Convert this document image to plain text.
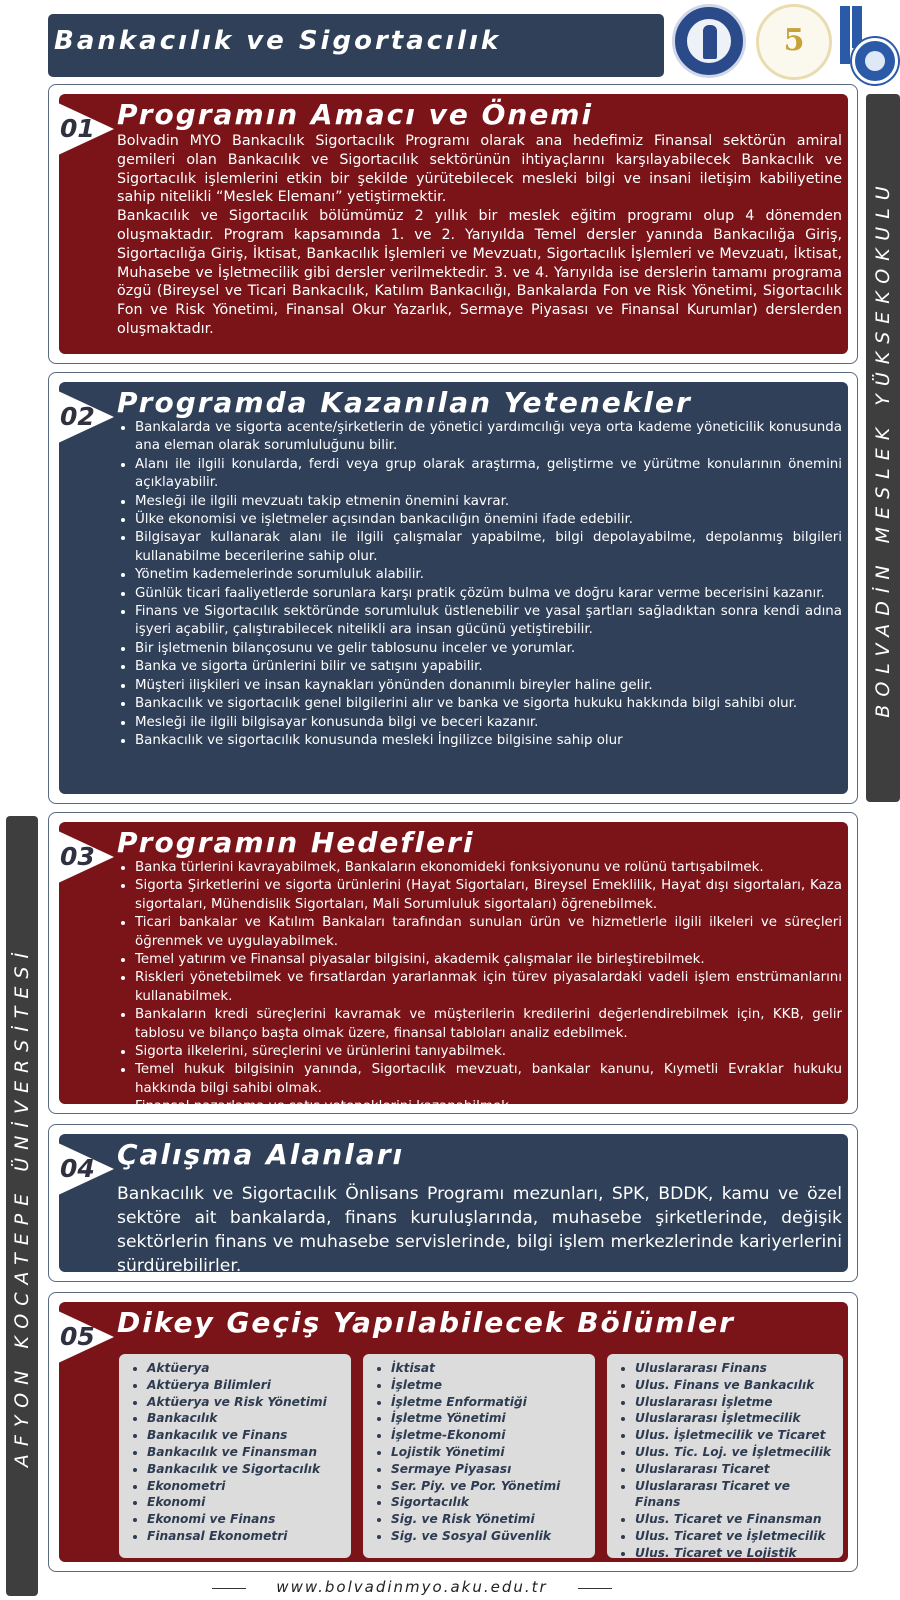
Bankacılık ve Sigortacılık	5
BOLVADİN MESLEK YÜKSEKOKULU
AFYON KOCATEPE ÜNİVERSİTESİ
01 Programın Amacı ve Önemi

Bolvadin MYO Bankacılık Sigortacılık Programı olarak ana hedefimiz Finansal sektörün amiral gemileri olan Bankacılık ve Sigortacılık sektörünün ihtiyaçlarını karşılayabilecek Bankacılık ve Sigortacılık işlemlerini etkin bir şekilde yürütebilecek mesleki bilgi ve insani iletişim kabiliyetine sahip nitelikli “Meslek Elemanı” yetiştirmektir.

Bankacılık ve Sigortacılık bölümümüz 2 yıllık bir meslek eğitim programı olup 4 dönemden oluşmaktadır. Program kapsamında 1. ve 2. Yarıyılda Temel dersler yanında Bankacılığa Giriş, Sigortacılığa Giriş, İktisat, Bankacılık İşlemleri ve Mevzuatı, Sigortacılık İşlemleri ve Mevzuatı, İktisat, Muhasebe ve İşletmecilik gibi dersler verilmektedir. 3. ve 4. Yarıyılda ise derslerin tamamı programa özgü (Bireysel ve Ticari Bankacılık, Katılım Bankacılığı, Bankalarda Fon ve Risk Yönetimi, Sigortacılık Fon ve Risk Yönetimi, Finansal Okur Yazarlık, Sermaye Piyasası ve Finansal Kurumlar) derslerden oluşmaktadır.

02 Programda Kazanılan Yetenekler
• Bankalarda ve sigorta acente/şirketlerin de yönetici yardımcılığı veya orta kademe yöneticilik konusunda ana eleman olarak sorumluluğunu bilir.
• Alanı ile ilgili konularda, ferdi veya grup olarak araştırma, geliştirme ve yürütme konularının önemini açıklayabilir.
• Mesleği ile ilgili mevzuatı takip etmenin önemini kavrar.
• Ülke ekonomisi ve işletmeler açısından bankacılığın önemini ifade edebilir.
• Bilgisayar kullanarak alanı ile ilgili çalışmalar yapabilme, bilgi depolayabilme, depolanmış bilgileri kullanabilme becerilerine sahip olur.
• Yönetim kademelerinde sorumluluk alabilir.
• Günlük ticari faaliyetlerde sorunlara karşı pratik çözüm bulma ve doğru karar verme becerisini kazanır.
• Finans ve Sigortacılık sektöründe sorumluluk üstlenebilir ve yasal şartları sağladıktan sonra kendi adına işyeri açabilir, çalıştırabilecek nitelikli ara insan gücünü yetiştirebilir.
• Bir işletmenin bilançosunu ve gelir tablosunu inceler ve yorumlar.
• Banka ve sigorta ürünlerini bilir ve satışını yapabilir.
• Müşteri ilişkileri ve insan kaynakları yönünden donanımlı bireyler haline gelir.
• Bankacılık ve sigortacılık genel bilgilerini alır ve banka ve sigorta hukuku hakkında bilgi sahibi olur.
• Mesleği ile ilgili bilgisayar konusunda bilgi ve beceri kazanır.
• Bankacılık ve sigortacılık konusunda mesleki İngilizce bilgisine sahip olur
03 Programın Hedefleri
• Banka türlerini kavrayabilmek, Bankaların ekonomideki fonksiyonunu ve rolünü tartışabilmek.
• Sigorta Şirketlerini ve sigorta ürünlerini (Hayat Sigortaları, Bireysel Emeklilik, Hayat dışı sigortaları, Kaza sigortaları, Mühendislik Sigortaları, Mali Sorumluluk sigortaları) öğrenebilmek.
• Ticari bankalar ve Katılım Bankaları tarafından sunulan ürün ve hizmetlerle ilgili ilkeleri ve süreçleri öğrenmek ve uygulayabilmek.
• Temel yatırım ve Finansal piyasalar bilgisini, akademik çalışmalar ile birleştirebilmek.
• Riskleri yönetebilmek ve fırsatlardan yararlanmak için türev piyasalardaki vadeli işlem enstrümanlarını kullanabilmek.
• Bankaların kredi süreçlerini kavramak ve müşterilerin kredilerini değerlendirebilmek için, KKB, gelir tablosu ve bilanço başta olmak üzere, finansal tabloları analiz edebilmek.
• Sigorta ilkelerini, süreçlerini ve ürünlerini tanıyabilmek.
• Temel hukuk bilgisinin yanında, Sigortacılık mevzuatı, bankalar kanunu, Kıymetli Evraklar hukuku hakkında bilgi sahibi olmak.
• Finansal pazarlama ve satış yeteneklerini kazanabilmek
04 Çalışma Alanları
Bankacılık ve Sigortacılık Önlisans Programı mezunları, SPK, BDDK, kamu ve özel sektöre ait bankalarda, finans kuruluşlarında, muhasebe şirketlerinde, değişik sektörlerin finans ve muhasebe servislerinde, bilgi işlem merkezlerinde kariyerlerini sürdürebilirler.
05 Dikey Geçiş Yapılabilecek Bölümler
• Aktüerya
• Aktüerya Bilimleri
• Aktüerya ve Risk Yönetimi
• Bankacılık
• Bankacılık ve Finans
• Bankacılık ve Finansman
• Bankacılık ve Sigortacılık
• Ekonometri
• Ekonomi
• Ekonomi ve Finans
• Finansal Ekonometri
• İktisat
• İşletme
• İşletme Enformatiği
• İşletme Yönetimi
• İşletme-Ekonomi
• Lojistik Yönetimi
• Sermaye Piyasası
• Ser. Piy. ve Por. Yönetimi
• Sigortacılık
• Sig. ve Risk Yönetimi
• Sig. ve Sosyal Güvenlik
• Uluslararası Finans
• Ulus. Finans ve Bankacılık
• Uluslararası İşletme
• Uluslararası İşletmecilik
• Ulus. İşletmecilik ve Ticaret
• Ulus. Tic. Loj. ve İşletmecilik
• Uluslararası Ticaret
• Uluslararası Ticaret ve Finans
• Ulus. Ticaret ve Finansman
• Ulus. Ticaret ve İşletmecilik
• Ulus. Ticaret ve Lojistik
www.bolvadinmyo.aku.edu.tr
